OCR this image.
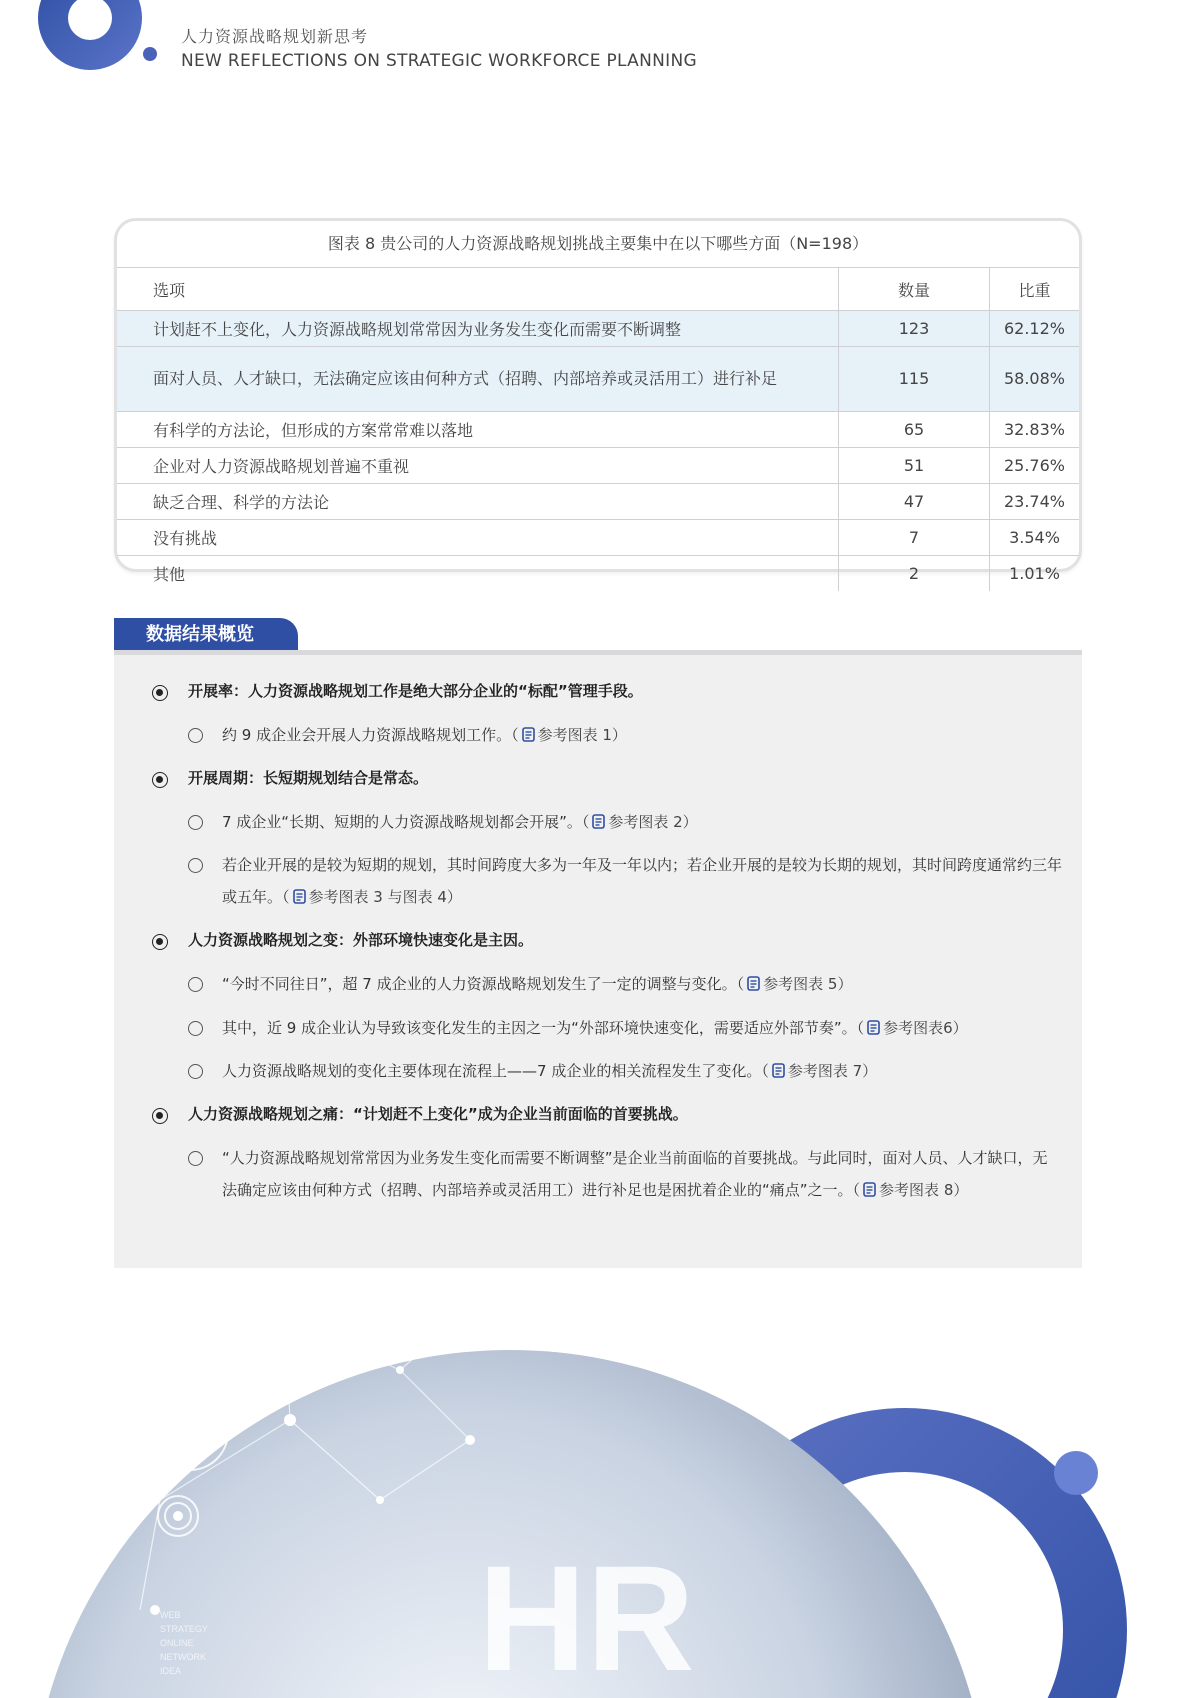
人力资源战略规划新思考
NEW REFLECTIONS ON STRATEGIC WORKFORCE PLANNING
图表 8 贵公司的人力资源战略规划挑战主要集中在以下哪些方面（N=198）
选项	数量	比重
计划赶不上变化，人力资源战略规划常常因为业务发生变化而需要不断调整	123	62.12%
面对人员、人才缺口，无法确定应该由何种方式（招聘、内部培养或灵活用工）进行补足	115	58.08%
有科学的方法论，但形成的方案常常难以落地	65	32.83%
企业对人力资源战略规划普遍不重视	51	25.76%
缺乏合理、科学的方法论	47	23.74%
没有挑战	7	3.54%
其他	2	1.01%
数据结果概览
开展率：人力资源战略规划工作是绝大部分企业的“标配”管理手段。
约 9 成企业会开展人力资源战略规划工作。（ 参考图表 1）
开展周期：长短期规划结合是常态。
7 成企业“长期、短期的人力资源战略规划都会开展”。（ 参考图表 2）
若企业开展的是较为短期的规划，其时间跨度大多为一年及一年以内；若企业开展的是较为长期的规划，其时间跨度通常约三年或五年。（ 参考图表 3 与图表 4）
人力资源战略规划之变：外部环境快速变化是主因。
“今时不同往日”，超 7 成企业的人力资源战略规划发生了一定的调整与变化。（ 参考图表 5）
其中，近 9 成企业认为导致该变化发生的主因之一为“外部环境快速变化，需要适应外部节奏”。（ 参考图表6）
人力资源战略规划的变化主要体现在流程上——7 成企业的相关流程发生了变化。（ 参考图表 7）
人力资源战略规划之痛：“计划赶不上变化”成为企业当前面临的首要挑战。
“人力资源战略规划常常因为业务发生变化而需要不断调整”是企业当前面临的首要挑战。与此同时，面对人员、人才缺口，无法确定应该由何种方式（招聘、内部培养或灵活用工）进行补足也是困扰着企业的“痛点”之一。（ 参考图表 8）
HR
WEB
STRATEGY
ONLINE
NETWORK
IDEA
